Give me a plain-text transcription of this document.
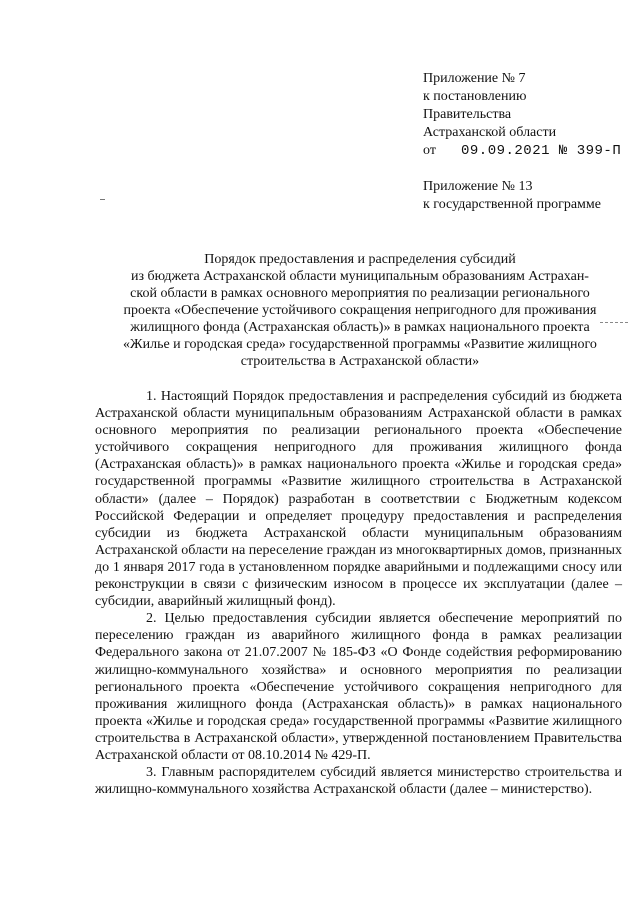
Приложение № 7
к постановлению
Правительства
Астраханской области
от	09.09.2021 № 399-П
Приложение № 13
к государственной программе
Порядок предоставления и распределения субсидий
из бюджета Астраханской области муниципальным образованиям Астрахан-
ской области в рамках основного мероприятия по реализации регионального
проекта «Обеспечение устойчивого сокращения непригодного для проживания
жилищного фонда (Астраханская область)» в рамках национального проекта
«Жилье и городская среда» государственной программы «Развитие жилищного
строительства в Астраханской области»

1. Настоящий Порядок предоставления и распределения субсидий из бюджета Астраханской области муниципальным образованиям Астраханской области в рамках основного мероприятия по реализации регионального проекта «Обеспечение устойчивого сокращения непригодного для проживания жилищного фонда (Астраханская область)» в рамках национального проекта «Жилье и городская среда» государственной программы «Развитие жилищного строительства в Астраханской области» (далее – Порядок) разработан в соответствии с Бюджетным кодексом Российской Федерации и определяет процедуру предоставления и распределения субсидии из бюджета Астраханской области муниципальным образованиям Астраханской области на переселение граждан из многоквартирных домов, признанных до 1 января 2017 года в установленном порядке аварийными и подлежащими сносу или реконструкции в связи с физическим износом в процессе их эксплуатации (далее – субсидии, аварийный жилищный фонд).

2. Целью предоставления субсидии является обеспечение мероприятий по переселению граждан из аварийного жилищного фонда в рамках реализации Федерального закона от 21.07.2007 № 185-ФЗ «О Фонде содействия реформированию жилищно-коммунального хозяйства» и основного мероприятия по реализации регионального проекта «Обеспечение устойчивого сокращения непригодного для проживания жилищного фонда (Астраханская область)» в рамках национального проекта «Жилье и городская среда» государственной программы «Развитие жилищного строительства в Астраханской области», утвержденной постановлением Правительства Астраханской области от 08.10.2014 № 429-П.

3. Главным распорядителем субсидий является министерство строительства и жилищно-коммунального хозяйства Астраханской области (далее – министерство).
